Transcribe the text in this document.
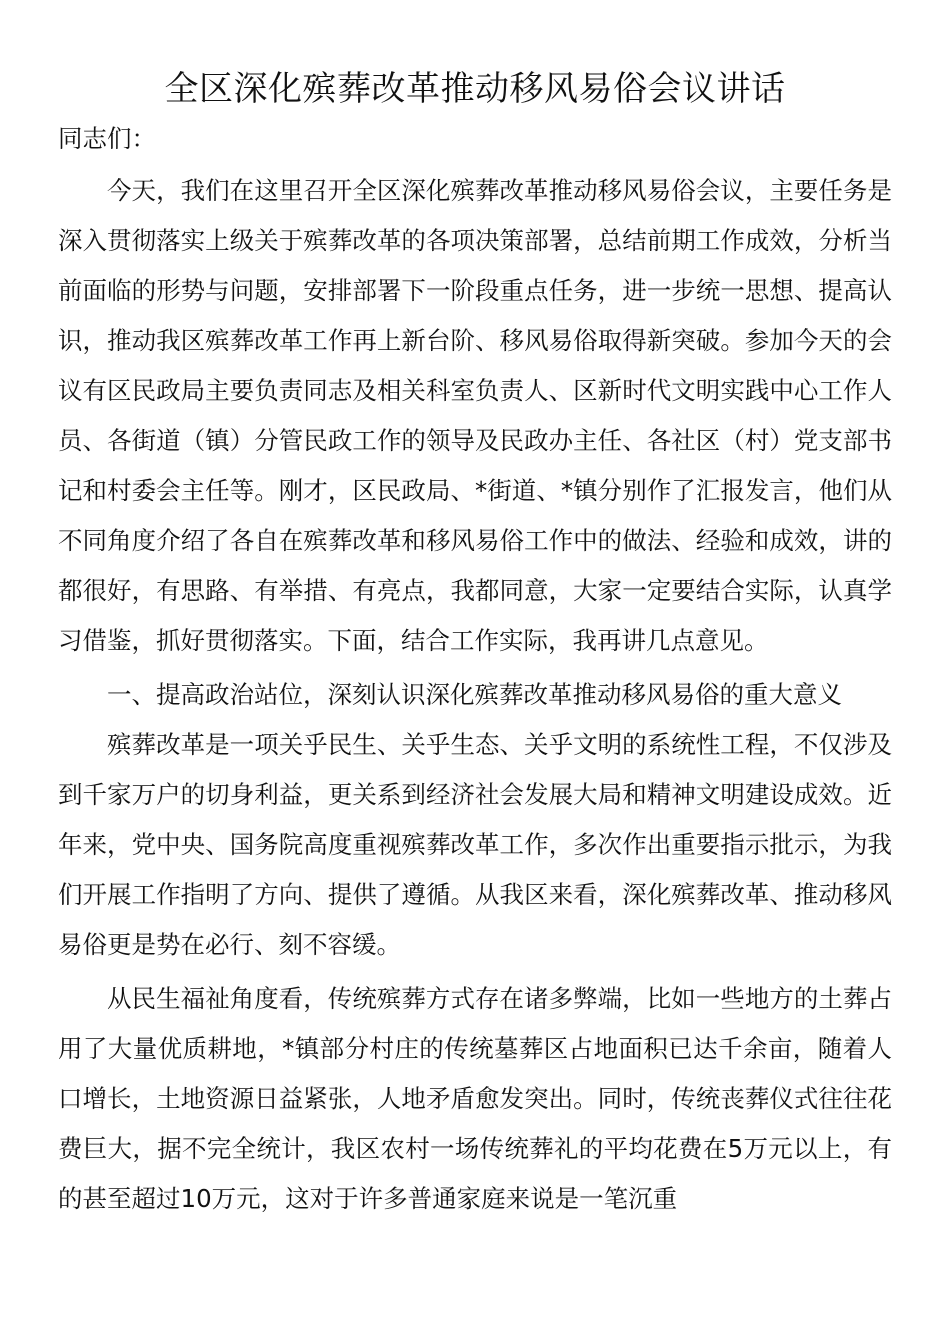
全区深化殡葬改革推动移风易俗会议讲话

同志们：

今天，我们在这里召开全区深化殡葬改革推动移风易俗会议，主要任务是深入贯彻落实上级关于殡葬改革的各项决策部署，总结前期工作成效，分析当前面临的形势与问题，安排部署下一阶段重点任务，进一步统一思想、提高认识，推动我区殡葬改革工作再上新台阶、移风易俗取得新突破。参加今天的会议有区民政局主要负责同志及相关科室负责人、区新时代文明实践中心工作人员、各街道（镇）分管民政工作的领导及民政办主任、各社区（村）党支部书记和村委会主任等。刚才，区民政局、*街道、*镇分别作了汇报发言，他们从不同角度介绍了各自在殡葬改革和移风易俗工作中的做法、经验和成效，讲的都很好，有思路、有举措、有亮点，我都同意，大家一定要结合实际，认真学习借鉴，抓好贯彻落实。下面，结合工作实际，我再讲几点意见。

一、提高政治站位，深刻认识深化殡葬改革推动移风易俗的重大意义

殡葬改革是一项关乎民生、关乎生态、关乎文明的系统性工程，不仅涉及到千家万户的切身利益，更关系到经济社会发展大局和精神文明建设成效。近年来，党中央、国务院高度重视殡葬改革工作，多次作出重要指示批示，为我们开展工作指明了方向、提供了遵循。从我区来看，深化殡葬改革、推动移风易俗更是势在必行、刻不容缓。

从民生福祉角度看，传统殡葬方式存在诸多弊端，比如一些地方的土葬占用了大量优质耕地，*镇部分村庄的传统墓葬区占地面积已达千余亩，随着人口增长，土地资源日益紧张，人地矛盾愈发突出。同时，传统丧葬仪式往往花费巨大，据不完全统计，我区农村一场传统葬礼的平均花费在5万元以上，有的甚至超过10万元，这对于许多普通家庭来说是一笔沉重
